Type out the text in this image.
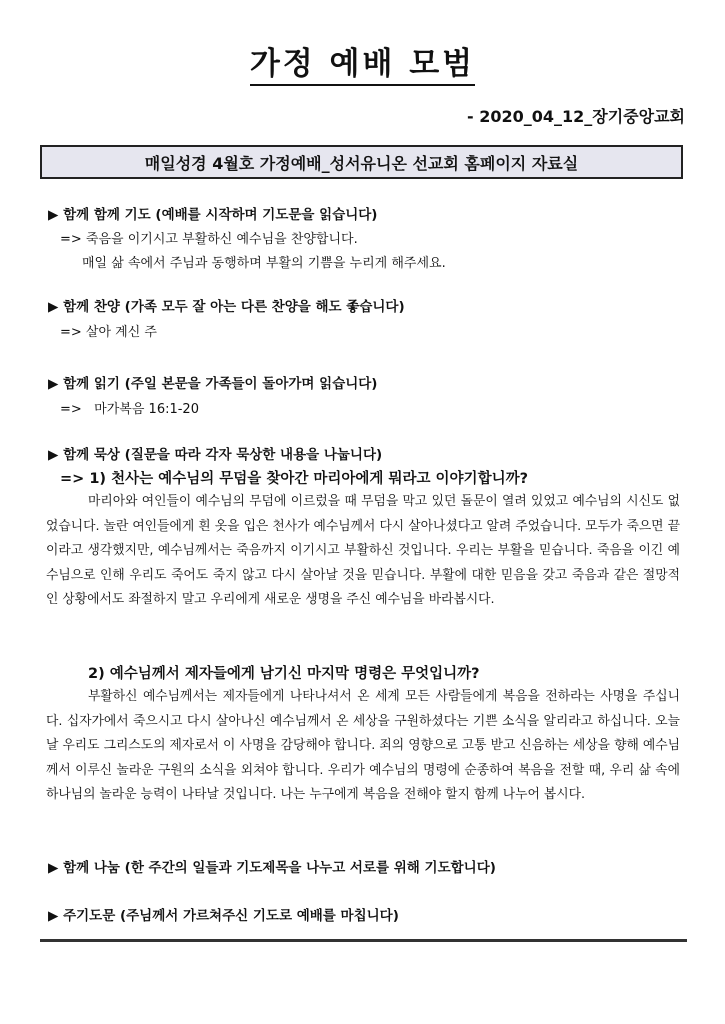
가정 예배 모범
- 2020_04_12_장기중앙교회
매일성경 4월호 가정예배_성서유니온 선교회 홈페이지 자료실
▶ 함께 함께 기도 (예배를 시작하며 기도문을 읽습니다)
=> 죽음을 이기시고 부활하신 예수님을 찬양합니다.
매일 삶 속에서 주님과 동행하며 부활의 기쁨을 누리게 해주세요.
▶ 함께 찬양 (가족 모두 잘 아는 다른 찬양을 해도 좋습니다)
=> 살아 계신 주
▶ 함께 읽기 (주일 본문을 가족들이 돌아가며 읽습니다)
=>   마가복음 16:1-20
▶ 함께 묵상 (질문을 따라 각자 묵상한 내용을 나눕니다)
=> 1) 천사는 예수님의 무덤을 찾아간 마리아에게 뭐라고 이야기합니까?

마리아와 여인들이 예수님의 무덤에 이르렀을 때 무덤을 막고 있던 돌문이 열려 있었고 예수님의 시신도 없었습니다. 놀란 여인들에게 흰 옷을 입은 천사가 예수님께서 다시 살아나셨다고 알려 주었습니다. 모두가 죽으면 끝이라고 생각했지만, 예수님께서는 죽음까지 이기시고 부활하신 것입니다. 우리는 부활을 믿습니다. 죽음을 이긴 예수님으로 인해 우리도 죽어도 죽지 않고 다시 살아날 것을 믿습니다. 부활에 대한 믿음을 갖고 죽음과 같은 절망적인 상황에서도 좌절하지 말고 우리에게 새로운 생명을 주신 예수님을 바라봅시다.

2) 예수님께서 제자들에게 남기신 마지막 명령은 무엇입니까?

부활하신 예수님께서는 제자들에게 나타나셔서 온 세계 모든 사람들에게 복음을 전하라는 사명을 주십니다. 십자가에서 죽으시고 다시 살아나신 예수님께서 온 세상을 구원하셨다는 기쁜 소식을 알리라고 하십니다. 오늘날 우리도 그리스도의 제자로서 이 사명을 감당해야 합니다. 죄의 영향으로 고통 받고 신음하는 세상을 향해 예수님께서 이루신 놀라운 구원의 소식을 외쳐야 합니다. 우리가 예수님의 명령에 순종하여 복음을 전할 때, 우리 삶 속에 하나님의 놀라운 능력이 나타날 것입니다. 나는 누구에게 복음을 전해야 할지 함께 나누어 봅시다.

▶ 함께 나눔 (한 주간의 일들과 기도제목을 나누고 서로를 위해 기도합니다)
▶ 주기도문 (주님께서 가르쳐주신 기도로 예배를 마칩니다)
